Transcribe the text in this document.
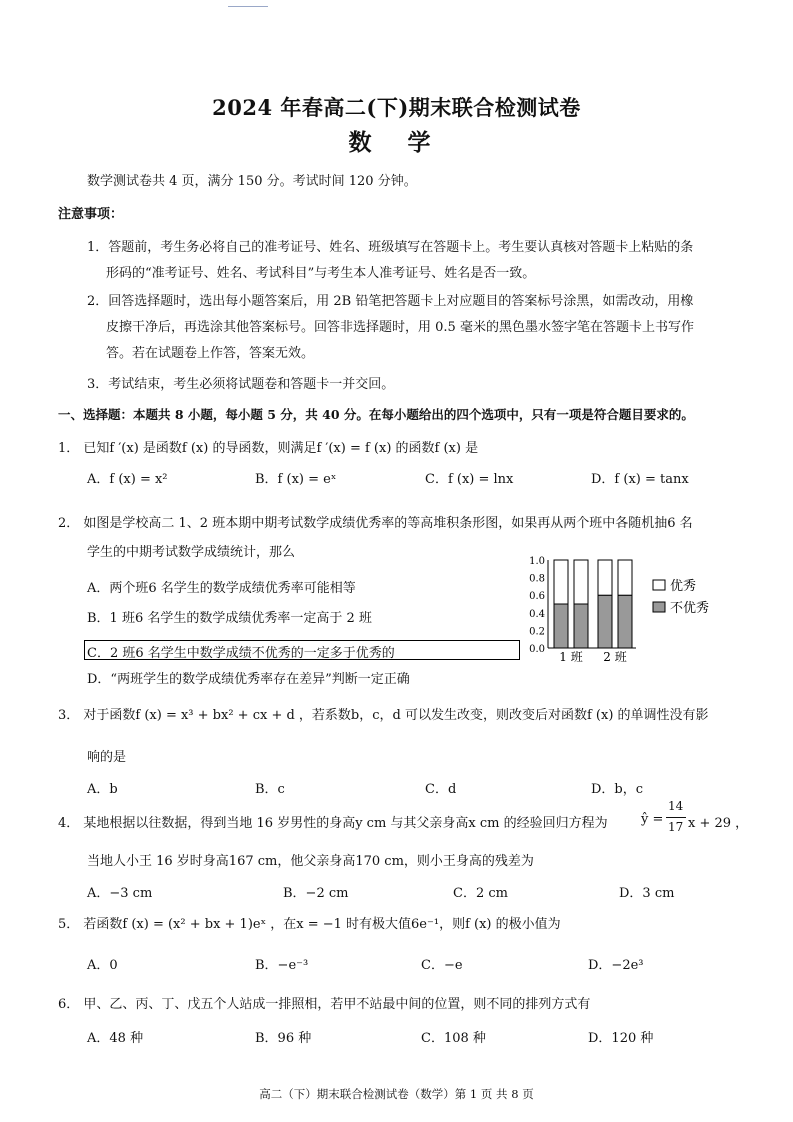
2024 年春高二(下)期末联合检测试卷
数 学
数学测试卷共 4 页，满分 150 分。考试时间 120 分钟。
注意事项：
1．答题前，考生务必将自己的准考证号、姓名、班级填写在答题卡上。考生要认真核对答题卡上粘贴的条
形码的“准考证号、姓名、考试科目”与考生本人准考证号、姓名是否一致。
2．回答选择题时，选出每小题答案后，用 2B 铅笔把答题卡上对应题目的答案标号涂黑，如需改动，用橡
皮擦干净后，再选涂其他答案标号。回答非选择题时，用 0.5 毫米的黑色墨水签字笔在答题卡上书写作
答。若在试题卷上作答，答案无效。
3．考试结束，考生必须将试题卷和答题卡一并交回。
一、选择题：本题共 8 小题，每小题 5 分，共 40 分。在每小题给出的四个选项中，只有一项是符合题目要求的。
1． 已知f ′(x) 是函数f (x) 的导函数，则满足f ′(x) = f (x) 的函数f (x) 是
A．f (x) = x²	B．f (x) = eˣ	C．f (x) = lnx	D．f (x) = tanx
2． 如图是学校高二 1、2 班本期中期考试数学成绩优秀率的等高堆积条形图，如果再从两个班中各随机抽6 名
学生的中期考试数学成绩统计，那么
A．两个班6 名学生的数学成绩优秀率可能相等
B．1 班6 名学生的数学成绩优秀率一定高于 2 班
C．2 班6 名学生中数学成绩不优秀的一定多于优秀的
D．“两班学生的数学成绩优秀率存在差异”判断一定正确
1.0
0.8
0.6
0.4
0.2
0.0
1 班 2 班
优秀
不优秀
3． 对于函数f (x) = x³ + bx² + cx + d ，若系数b，c，d 可以发生改变，则改变后对函数f (x) 的单调性没有影
响的是
A．b	B．c	C．d	D．b，c
4． 某地根据以往数据，得到当地 16 岁男性的身高y cm 与其父亲身高x cm 的经验回归方程为	ŷ =
14
17 x + 29 ，
当地人小王 16 岁时身高167 cm，他父亲身高170 cm，则小王身高的残差为
A．−3 cm	B．−2 cm	C．2 cm	D．3 cm
5． 若函数f (x) = (x² + bx + 1)eˣ ，在x = −1 时有极大值6e⁻¹，则f (x) 的极小值为
A．0	B．−e⁻³	C．−e	D．−2e³
6． 甲、乙、丙、丁、戊五个人站成一排照相，若甲不站最中间的位置，则不同的排列方式有
A．48 种	B．96 种	C．108 种	D．120 种
高二（下）期末联合检测试卷（数学）第 1 页 共 8 页
